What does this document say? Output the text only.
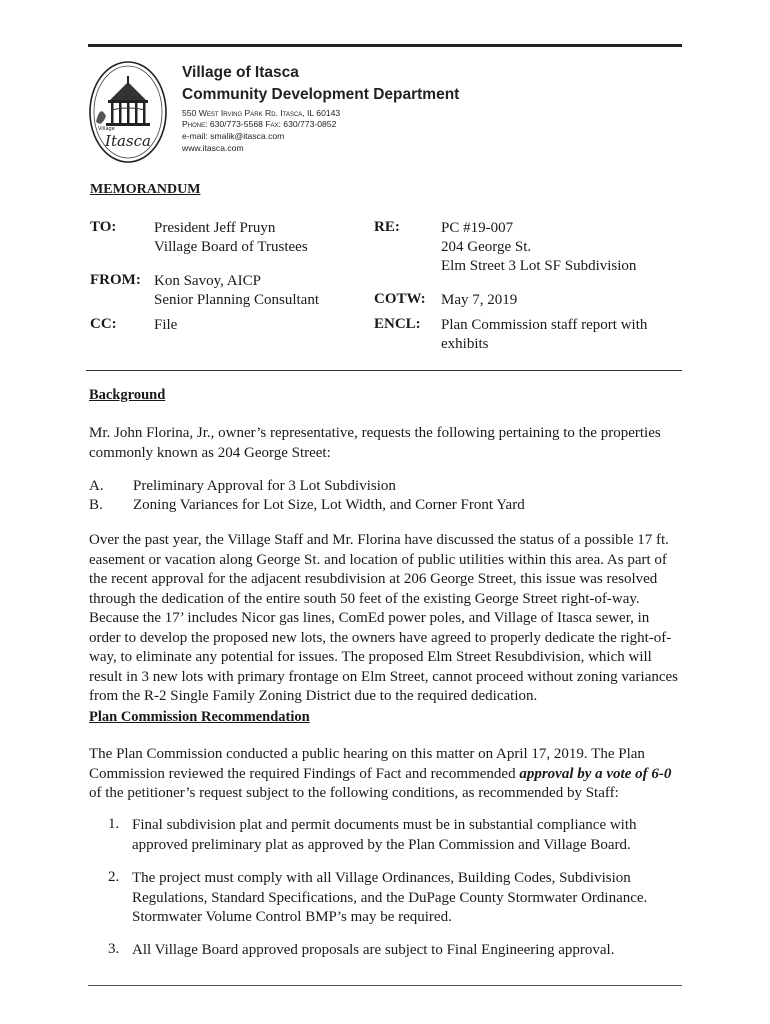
Itasca
Village
Village of Itasca
Community Development Department
550 West Irving Park Rd. Itasca, IL 60143
Phone: 630/773-5568 Fax: 630/773-0852
e-mail: smalik@itasca.com
www.itasca.com
MEMORANDUM
TO:	President Jeff Pruyn
Village Board of Trustees
FROM: Kon Savoy, AICP
Senior Planning Consultant
CC: File
RE:	PC #19-007
204 George St.
Elm Street 3 Lot SF Subdivision
COTW: May 7, 2019
ENCL: Plan Commission staff report with
exhibits
Background
Mr. John Florina, Jr., owner’s representative, requests the following pertaining to the properties commonly known as 204 George Street:
A. Preliminary Approval for 3 Lot Subdivision
B. Zoning Variances for Lot Size, Lot Width, and Corner Front Yard
Over the past year, the Village Staff and Mr. Florina have discussed the status of a possible 17 ft. easement or vacation along George St. and location of public utilities within this area. As part of the recent approval for the adjacent resubdivision at 206 George Street, this issue was resolved through the dedication of the entire south 50 feet of the existing George Street right-of-way. Because the 17’ includes Nicor gas lines, ComEd power poles, and Village of Itasca sewer, in order to develop the proposed new lots, the owners have agreed to properly dedicate the right-of-way, to eliminate any potential for issues. The proposed Elm Street Resubdivision, which will result in 3 new lots with primary frontage on Elm Street, cannot proceed without zoning variances from the R-2 Single Family Zoning District due to the required dedication.
Plan Commission Recommendation
The Plan Commission conducted a public hearing on this matter on April 17, 2019. The Plan Commission reviewed the required Findings of Fact and recommended approval by a vote of 6-0 of the petitioner’s request subject to the following conditions, as recommended by Staff:
1. Final subdivision plat and permit documents must be in substantial compliance with approved preliminary plat as approved by the Plan Commission and Village Board.
2. The project must comply with all Village Ordinances, Building Codes, Subdivision Regulations, Standard Specifications, and the DuPage County Stormwater Ordinance. Stormwater Volume Control BMP’s may be required.
3. All Village Board approved proposals are subject to Final Engineering approval.
